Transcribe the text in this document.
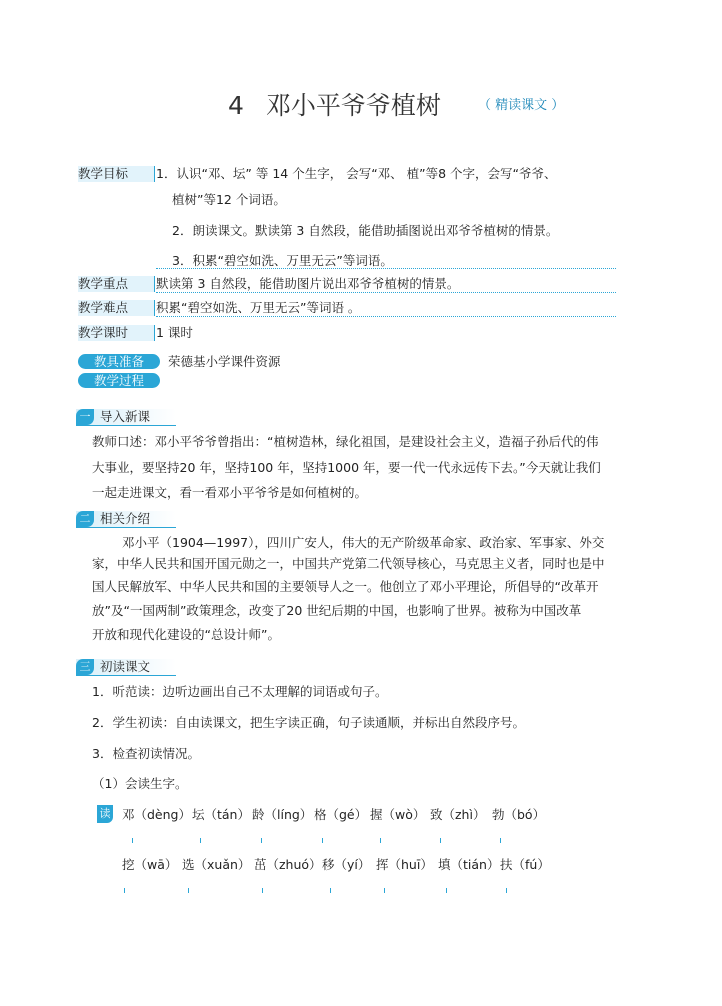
4 邓小平爷爷植树	（ 精读课文 ）
教学目标	1．认识“邓、坛” 等 14 个生字， 会写“邓、 植”等8 个字，会写“爷爷、
植树”等12 个词语。
2．朗读课文。默读第 3 自然段，能借助插图说出邓爷爷植树的情景。
3．积累“碧空如洗、万里无云”等词语。
教学重点	默读第 3 自然段，能借助图片说出邓爷爷植树的情景。
教学难点	积累“碧空如洗、万里无云”等词语 。
教学课时	1 课时
教具准备	荣德基小学课件资源
教学过程
一 导入新课
教师口述：邓小平爷爷曾指出：“植树造林，绿化祖国，是建设社会主义，造福子孙后代的伟
大事业，要坚持20 年，坚持100 年，坚持1000 年，要一代一代永远传下去。”今天就让我们
一起走进课文，看一看邓小平爷爷是如何植树的。
二 相关介绍
邓小平（1904—1997），四川广安人，伟大的无产阶级革命家、政治家、军事家、外交
家，中华人民共和国开国元勋之一，中国共产党第二代领导核心，马克思主义者，同时也是中
国人民解放军、中华人民共和国的主要领导人之一。他创立了邓小平理论，所倡导的“改革开
放”及“一国两制”政策理念，改变了20 世纪后期的中国，也影响了世界。被称为中国改革
开放和现代化建设的“总设计师”。
三 初读课文
1．听范读：边听边画出自己不太理解的词语或句子。
2．学生初读：自由读课文，把生字读正确，句子读通顺，并标出自然段序号。
3．检查初读情况。
（1）会读生字。
读 邓（dèng） 坛（tán） 龄（líng） 格（gé） 握（wò） 致（zhì） 勃（bó）
挖（wā） 选（xuǎn） 茁（zhuó） 移（yí） 挥（huī） 填（tián） 扶（fú）
